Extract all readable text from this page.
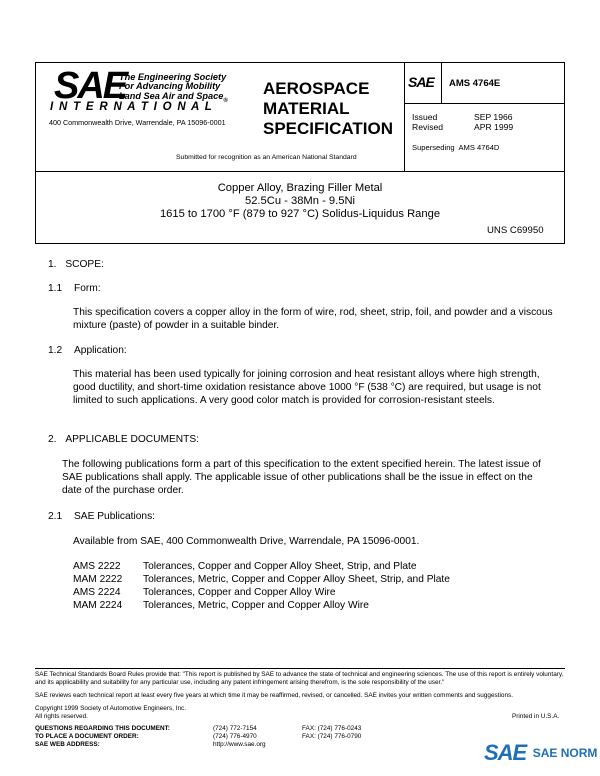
SAE
The Engineering Society
For Advancing Mobility
Land Sea Air and Space$_®$
I N T E R N A T I O N A L
400 Commonwealth Drive, Warrendale, PA 15096-0001
AEROSPACE
MATERIAL
SPECIFICATION
SAE AMS 4764E
Issued	SEP 1966
Revised	APR 1999
Superseding AMS 4764D
Submitted for recognition as an American National Standard
Copper Alloy, Brazing Filler Metal
52.5Cu - 38Mn - 9.5Ni
1615 to 1700 °F (879 to 927 °C) Solidus-Liquidus Range
UNS C69950
1. SCOPE:
1.1 Form:
This specification covers a copper alloy in the form of wire, rod, sheet, strip, foil, and powder and a viscous mixture (paste) of powder in a suitable binder.
1.2 Application:
This material has been used typically for joining corrosion and heat resistant alloys where high strength, good ductility, and short-time oxidation resistance above 1000 °F (538 °C) are required, but usage is not limited to such applications. A very good color match is provided for corrosion-resistant steels.
2. APPLICABLE DOCUMENTS:
The following publications form a part of this specification to the extent specified herein. The latest issue of SAE publications shall apply. The applicable issue of other publications shall be the issue in effect on the date of the purchase order.
2.1 SAE Publications:
Available from SAE, 400 Commonwealth Drive, Warrendale, PA 15096-0001.
AMS 2222 Tolerances, Copper and Copper Alloy Sheet, Strip, and Plate
MAM 2222 Tolerances, Metric, Copper and Copper Alloy Sheet, Strip, and Plate
AMS 2224 Tolerances, Copper and Copper Alloy Wire
MAM 2224 Tolerances, Metric, Copper and Copper Alloy Wire
SAE Technical Standards Board Rules provide that: "This report is published by SAE to advance the state of technical and engineering sciences. The use of this report is entirely voluntary, and its applicability and suitability for any particular use, including any patent infringement arising therefrom, is the sole responsibility of the user."
SAE reviews each technical report at least every five years at which time it may be reaffirmed, revised, or cancelled. SAE invites your written comments and suggestions.
Copyright 1999 Society of Automotive Engineers, Inc.
All rights reserved.	Printed in U.S.A.
QUESTIONS REGARDING THIS DOCUMENT:	(724) 772-7154	FAX: (724) 776-0243
TO PLACE A DOCUMENT ORDER:	(724) 776-4970	FAX: (724) 776-0790
SAE WEB ADDRESS:	http://www.sae.org	SAE SAE NORM
